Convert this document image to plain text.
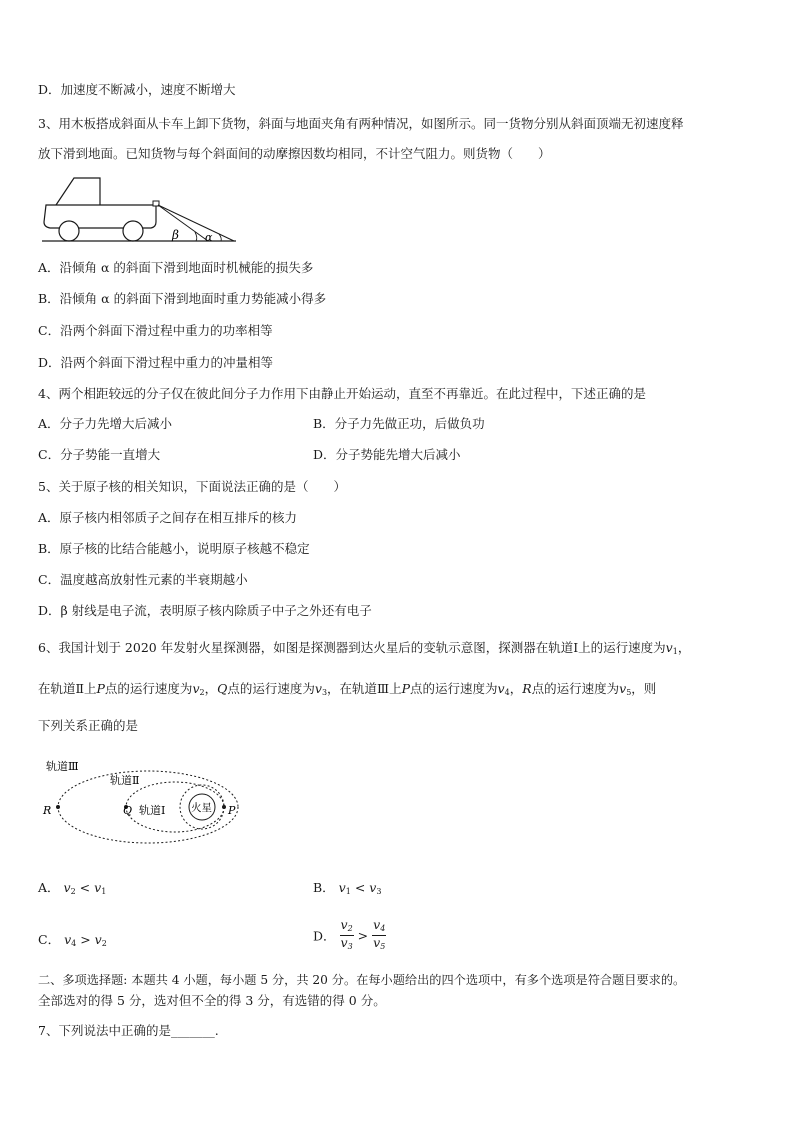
D．加速度不断减小，速度不断增大
3、用木板搭成斜面从卡车上卸下货物，斜面与地面夹角有两种情况，如图所示。同一货物分别从斜面顶端无初速度释
放下滑到地面。已知货物与每个斜面间的动摩擦因数均相同，不计空气阻力。则货物（　　）
β α
A．沿倾角 α 的斜面下滑到地面时机械能的损失多
B．沿倾角 α 的斜面下滑到地面时重力势能减小得多
C．沿两个斜面下滑过程中重力的功率相等
D．沿两个斜面下滑过程中重力的冲量相等
4、两个相距较远的分子仅在彼此间分子力作用下由静止开始运动，直至不再靠近。在此过程中，下述正确的是
A．分子力先增大后减小	B．分子力先做正功，后做负功
C．分子势能一直增大	D．分子势能先增大后减小
5、关于原子核的相关知识，下面说法正确的是（　　）
A．原子核内相邻质子之间存在相互排斥的核力
B．原子核的比结合能越小，说明原子核越不稳定
C．温度越高放射性元素的半衰期越小
D．β 射线是电子流，表明原子核内除质子中子之外还有电子
6、我国计划于 2020 年发射火星探测器，如图是探测器到达火星后的变轨示意图，探测器在轨道Ⅰ上的运行速度为$v_1$，
在轨道Ⅱ上P点的运行速度为$v_2$，Q点的运行速度为$v_3$，在轨道Ⅲ上P点的运行速度为$v_4$，R点的运行速度为$v_5$，则
下列关系正确的是
轨道Ⅲ
轨道Ⅱ
轨道Ⅰ 火星
R	Q	P
A． $v_2 < v_1$	B． $v_1 < v_3$
C． $v_4 > v_2$	D． $\frac{v_2}{v_3} > \frac{v_4}{v_5}$
二、多项选择题: 本题共 4 小题，每小题 5 分，共 20 分。在每小题给出的四个选项中，有多个选项是符合题目要求的。
全部选对的得 5 分，选对但不全的得 3 分，有选错的得 0 分。
7、下列说法中正确的是_______.
